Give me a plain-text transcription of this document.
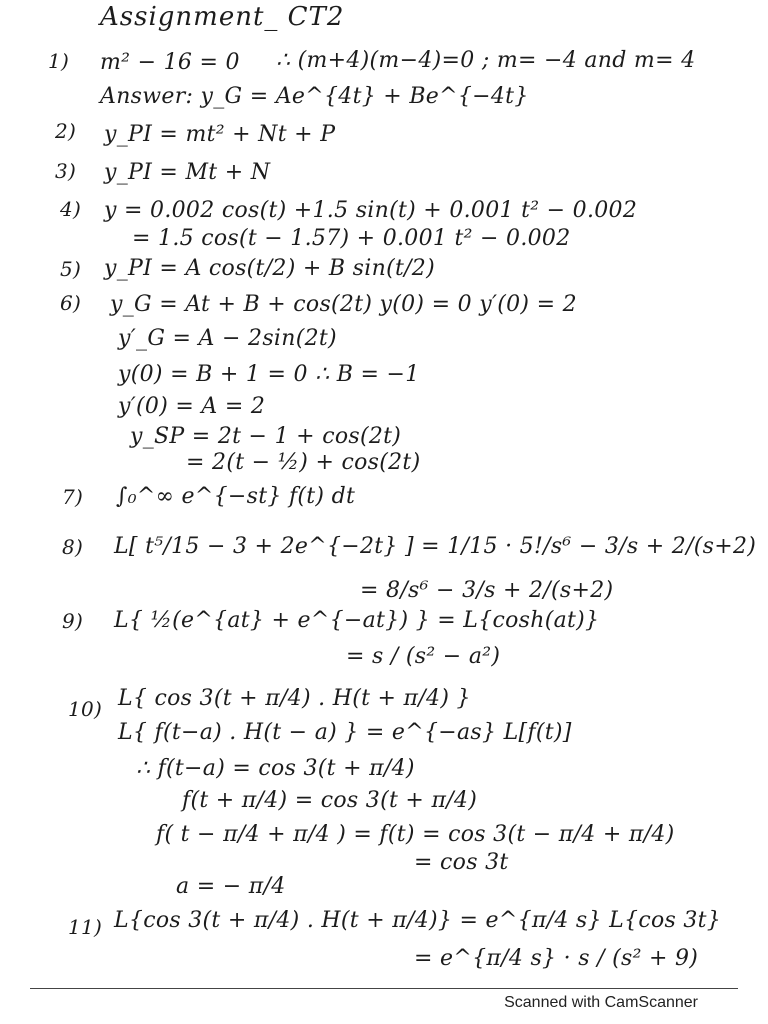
Assignment_ CT2
1) m² − 16 = 0 ∴ (m+4)(m−4)=0 ; m= −4 and m= 4
Answer: y_G = Ae^{4t} + Be^{−4t}
2) y_PI = mt² + Nt + P
3) y_PI = Mt + N
4) y = 0.002 cos(t) +1.5 sin(t) + 0.001 t² − 0.002
= 1.5 cos(t − 1.57) + 0.001 t² − 0.002
5) y_PI = A cos(t/2) + B sin(t/2)
6) y_G = At + B + cos(2t) y(0) = 0 y′(0) = 2
y′_G = A − 2sin(2t)
y(0) = B + 1 = 0 ∴ B = −1
y′(0) = A = 2
y_SP = 2t − 1 + cos(2t)
= 2(t − ½) + cos(2t)
7) ∫₀^∞ e^{−st} f(t) dt
8) L[ t⁵/15 − 3 + 2e^{−2t} ] = 1/15 · 5!/s⁶ − 3/s + 2/(s+2)
= 8/s⁶ − 3/s + 2/(s+2)
9) L{ ½(e^{at} + e^{−at}) } = L{cosh(at)}
= s / (s² − a²)
10) L{ cos 3(t + π/4) . H(t + π/4) }
L{ f(t−a) . H(t − a) } = e^{−as} L[f(t)]
∴ f(t−a) = cos 3(t + π/4)
f(t + π/4) = cos 3(t + π/4)
f( t − π/4 + π/4 ) = f(t) = cos 3(t − π/4 + π/4)
= cos 3t
a = − π/4
11) L{cos 3(t + π/4) . H(t + π/4)} = e^{π/4 s} L{cos 3t}
= e^{π/4 s} · s / (s² + 9)
Scanned with CamScanner
